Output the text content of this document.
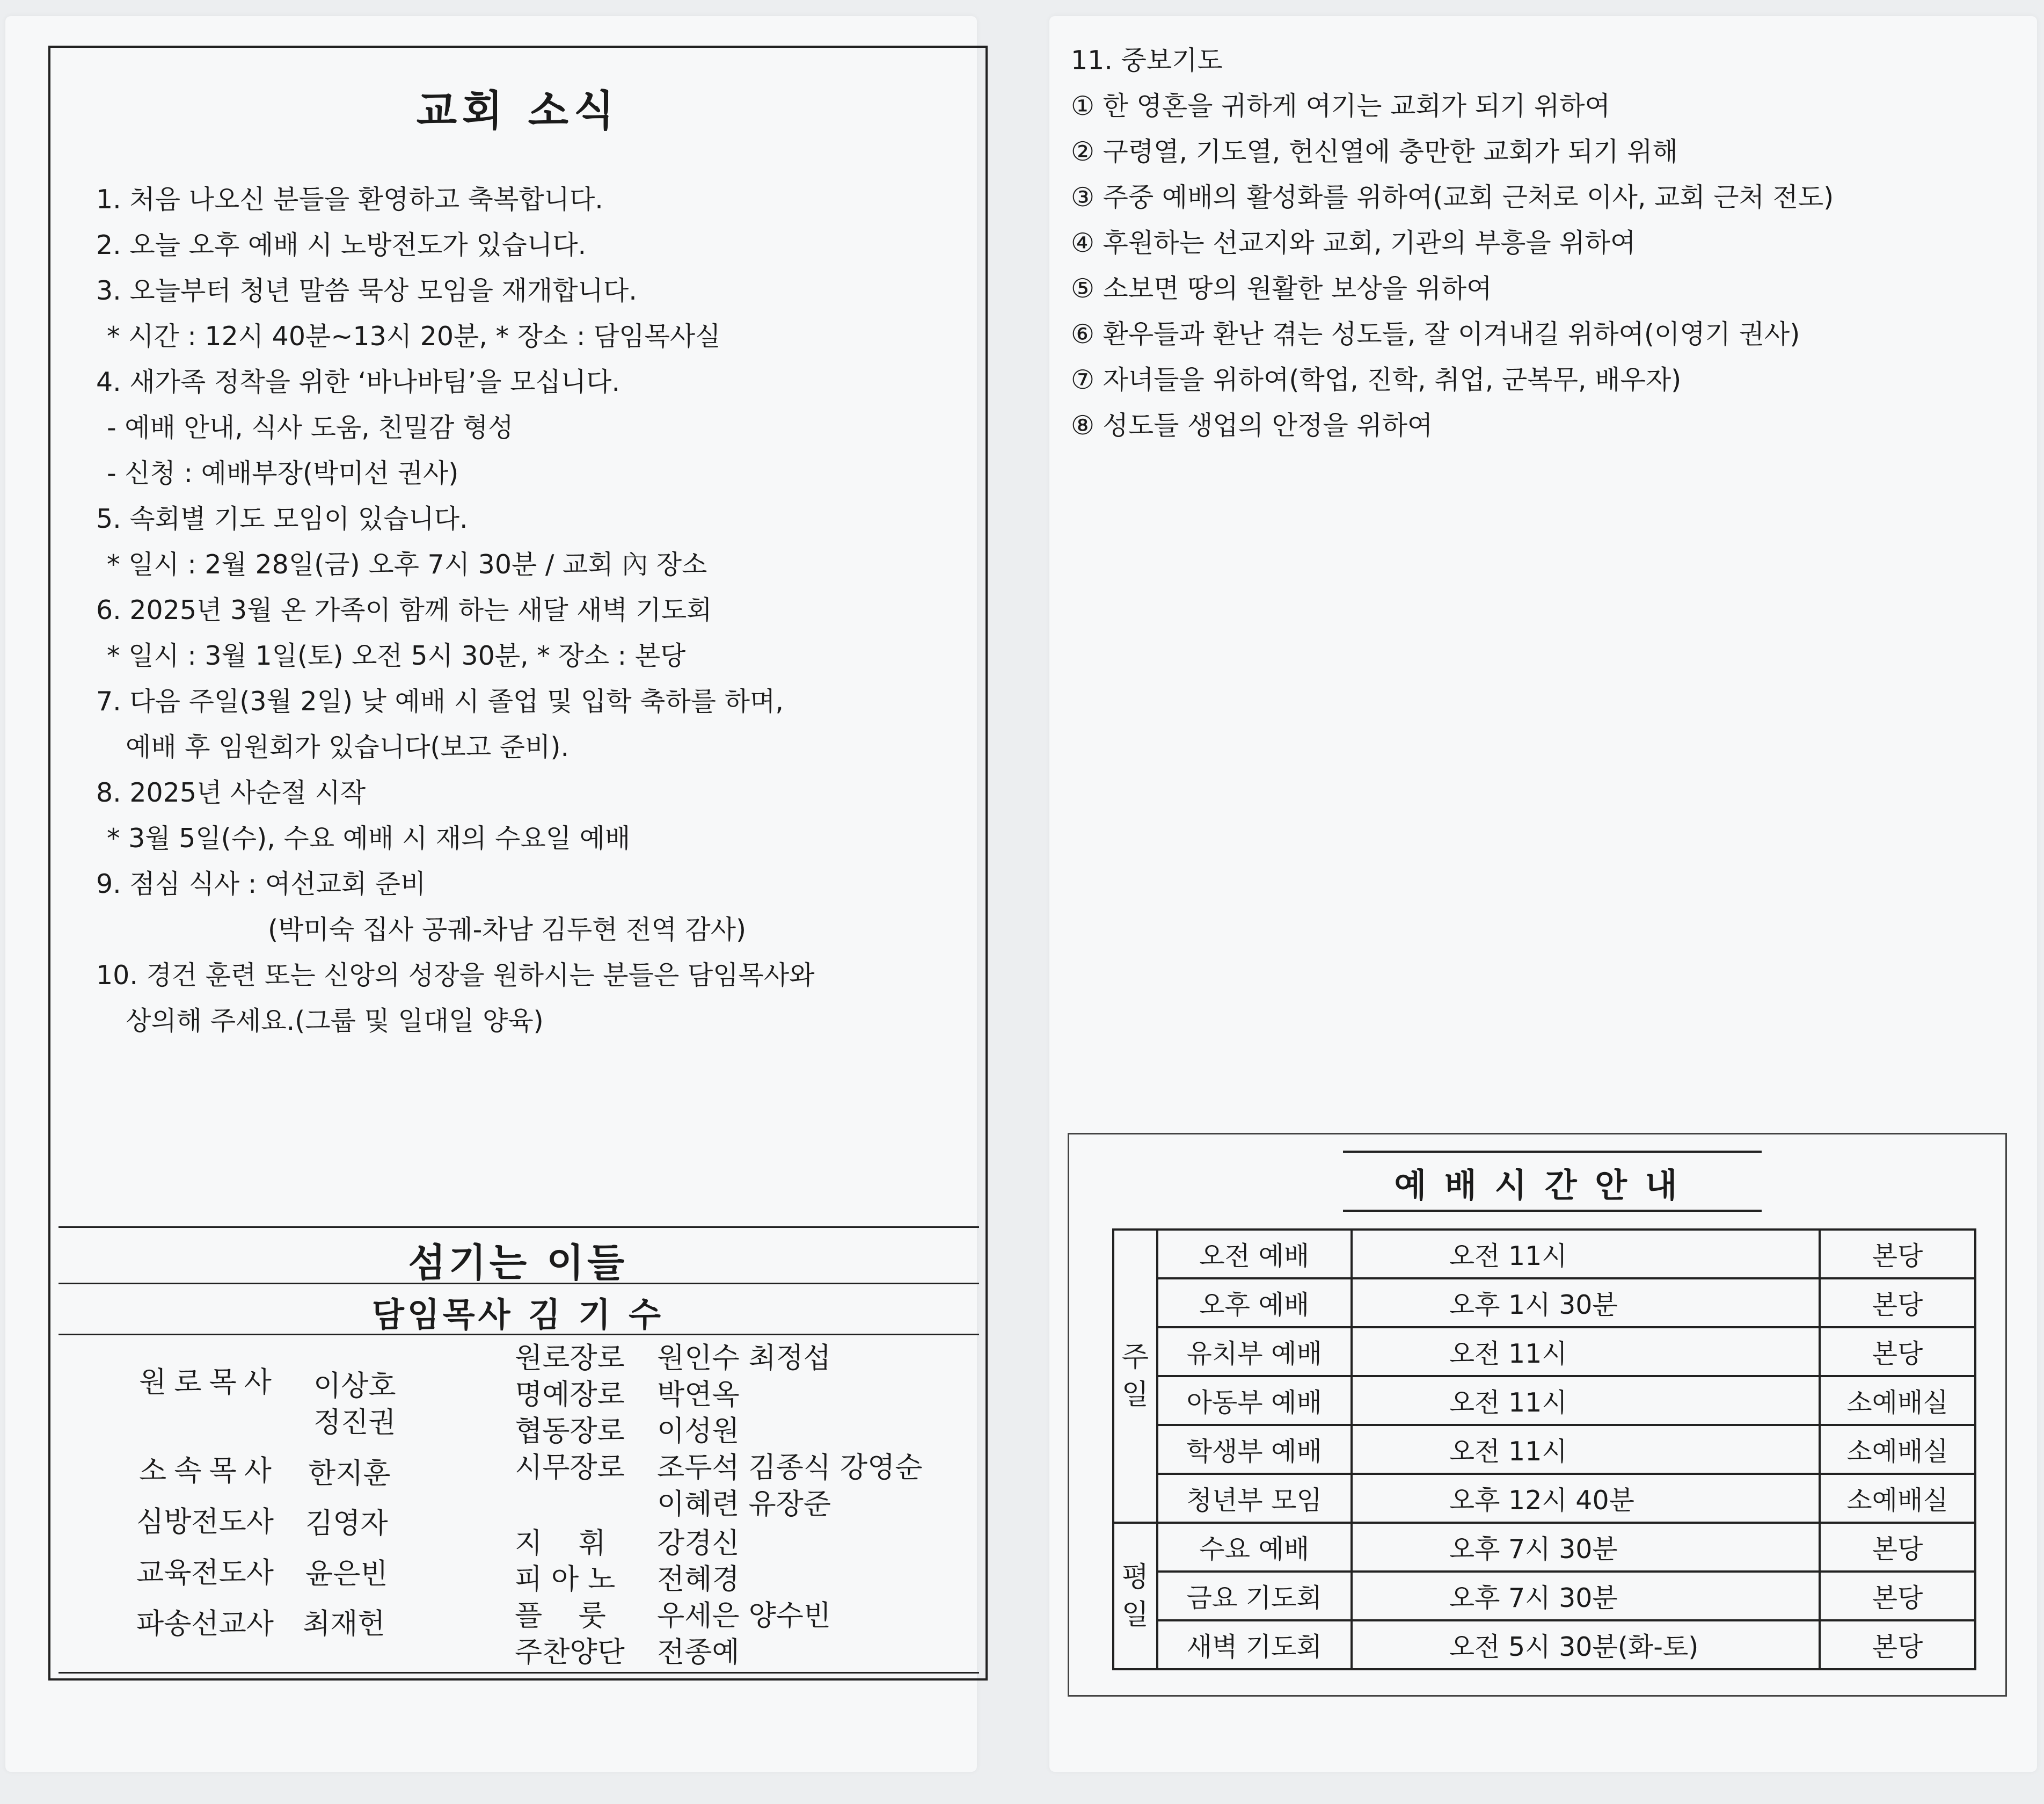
교회 소식
1. 처음 나오신 분들을 환영하고 축복합니다.
2. 오늘 오후 예배 시 노방전도가 있습니다.
3. 오늘부터 청년 말씀 묵상 모임을 재개합니다.
* 시간 : 12시 40분~13시 20분, * 장소 : 담임목사실
4. 새가족 정착을 위한 ‘바나바팀’을 모십니다.
- 예배 안내, 식사 도움, 친밀감 형성
- 신청 : 예배부장(박미선 권사)
5. 속회별 기도 모임이 있습니다.
* 일시 : 2월 28일(금) 오후 7시 30분 / 교회 內 장소
6. 2025년 3월 온 가족이 함께 하는 새달 새벽 기도회
* 일시 : 3월 1일(토) 오전 5시 30분, * 장소 : 본당
7. 다음 주일(3월 2일) 낮 예배 시 졸업 및 입학 축하를 하며,
예배 후 임원회가 있습니다(보고 준비).
8. 2025년 사순절 시작
* 3월 5일(수), 수요 예배 시 재의 수요일 예배
9. 점심 식사 : 여선교회 준비
(박미숙 집사 공궤-차남 김두현 전역 감사)
10. 경건 훈련 또는 신앙의 성장을 원하시는 분들은 담임목사와
상의해 주세요.(그룹 및 일대일 양육)
섬기는 이들
담임목사 김 기 수
원로목사 이상호
정진권
소속목사 한지훈
심방전도사 김영자
교육전도사 윤은빈
파송선교사 최재헌
원로장로 원인수 최정섭
명예장로 박연옥
협동장로 이성원
시무장로 조두석 김종식 강영순
이혜련 유장준
지    휘 강경신
피 아 노 전혜경
플    룻 우세은 양수빈
주찬양단 전종예
11. 중보기도
① 한 영혼을 귀하게 여기는 교회가 되기 위하여
② 구령열, 기도열, 헌신열에 충만한 교회가 되기 위해
③ 주중 예배의 활성화를 위하여(교회 근처로 이사, 교회 근처 전도)
④ 후원하는 선교지와 교회, 기관의 부흥을 위하여
⑤ 소보면 땅의 원활한 보상을 위하여
⑥ 환우들과 환난 겪는 성도들, 잘 이겨내길 위하여(이영기 권사)
⑦ 자녀들을 위하여(학업, 진학, 취업, 군복무, 배우자)
⑧ 성도들 생업의 안정을 위하여
예 배 시 간 안 내
주
일	오전 예배	오전 11시	본당
	오후 예배	오후 1시 30분	본당
	유치부 예배	오전 11시	본당
	아동부 예배	오전 11시	소예배실
	학생부 예배	오전 11시	소예배실
	청년부 모임	오후 12시 40분	소예배실
평
일	수요 예배	오후 7시 30분	본당
	금요 기도회	오후 7시 30분	본당
	새벽 기도회	오전 5시 30분(화-토)	본당
